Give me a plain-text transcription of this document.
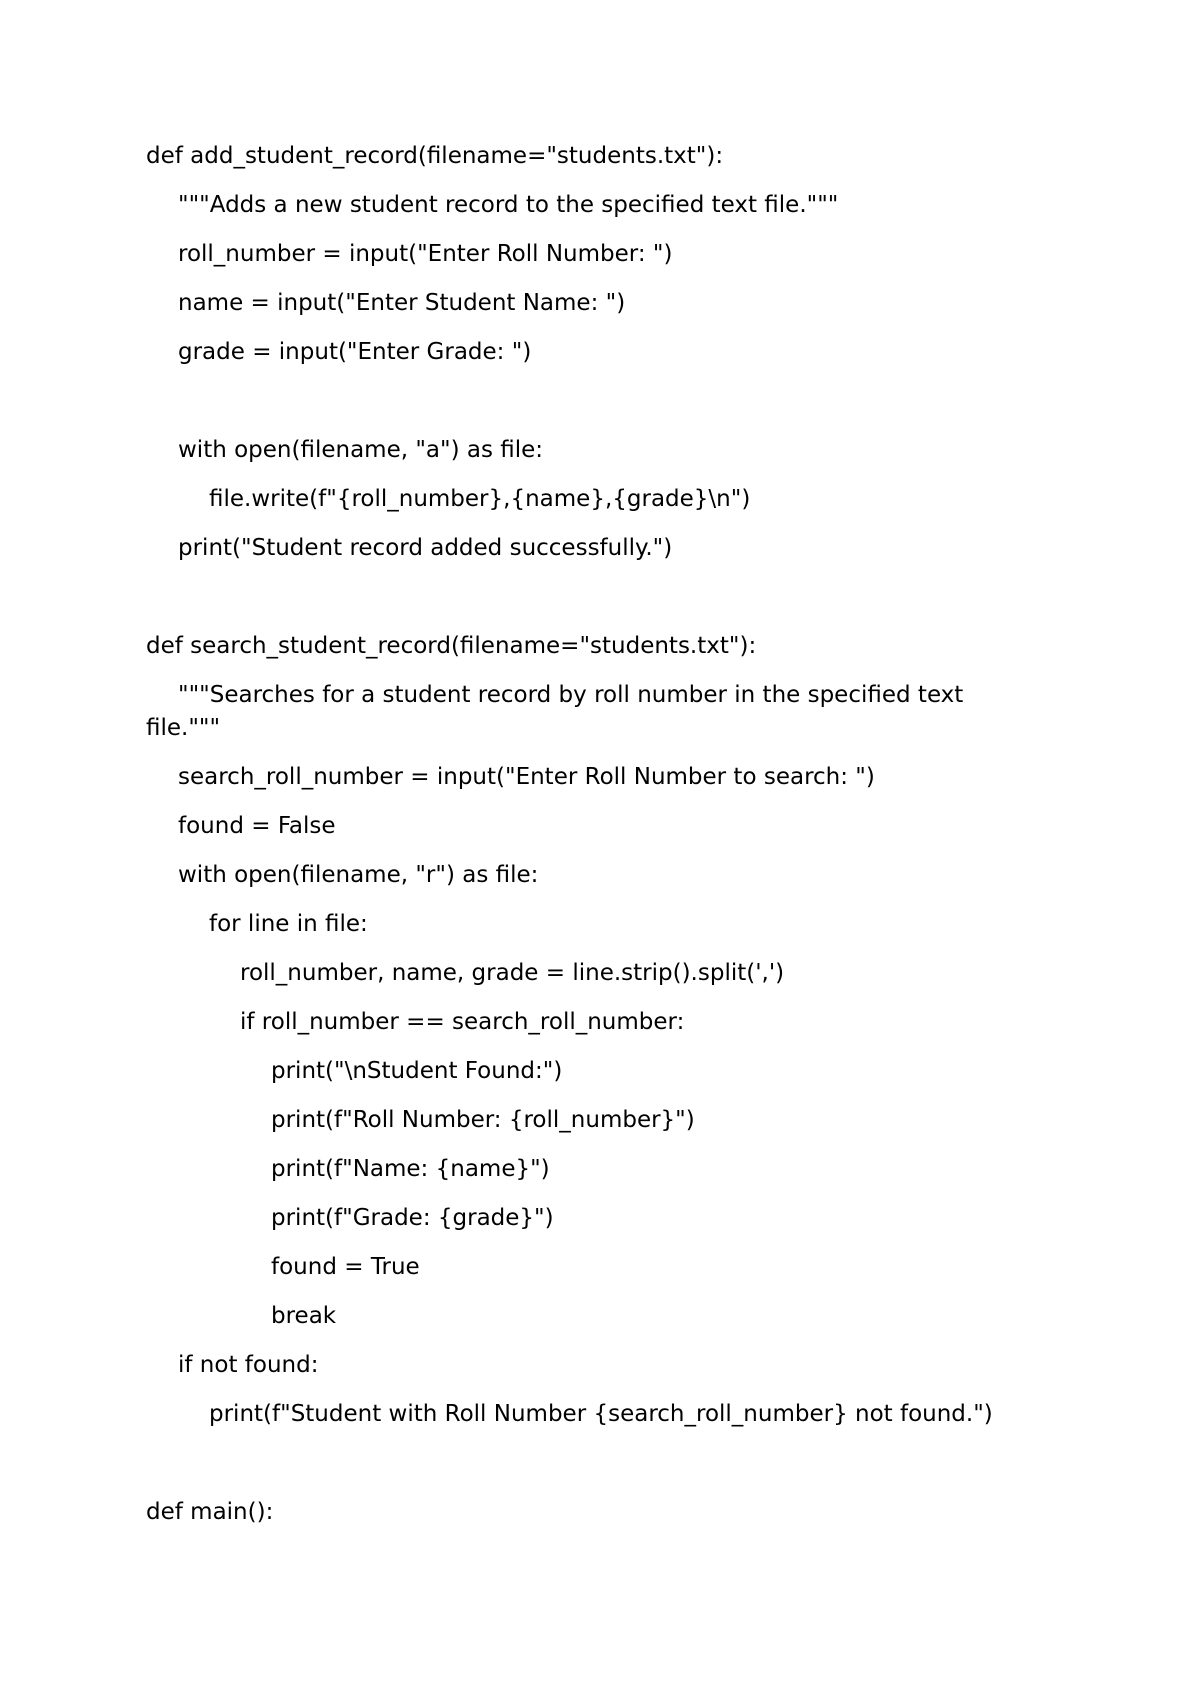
def add_student_record(filename="students.txt"):
"""Adds a new student record to the specified text file."""
roll_number = input("Enter Roll Number: ")
name = input("Enter Student Name: ")
grade = input("Enter Grade: ")
with open(filename, "a") as file:
file.write(f"{roll_number},{name},{grade}\n")
print("Student record added successfully.")
def search_student_record(filename="students.txt"):
"""Searches for a student record by roll number in the specified text
file."""
search_roll_number = input("Enter Roll Number to search: ")
found = False
with open(filename, "r") as file:
for line in file:
roll_number, name, grade = line.strip().split(',')
if roll_number == search_roll_number:
print("\nStudent Found:")
print(f"Roll Number: {roll_number}")
print(f"Name: {name}")
print(f"Grade: {grade}")
found = True
break
if not found:
print(f"Student with Roll Number {search_roll_number} not found.")
def main():
